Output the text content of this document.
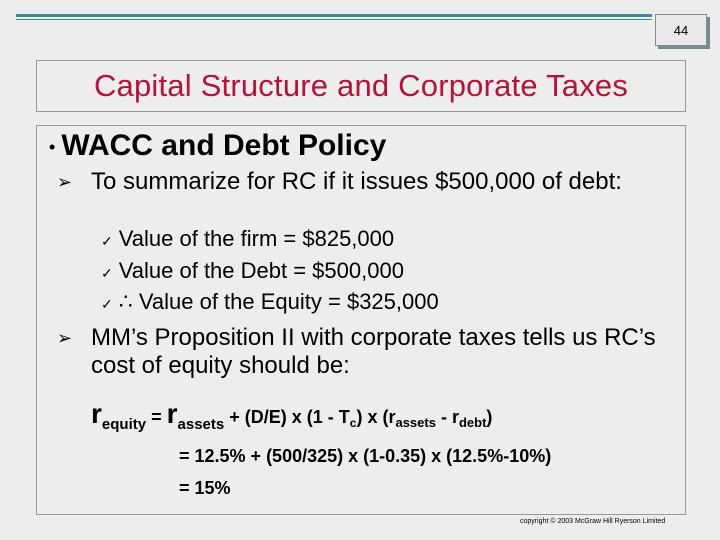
44
Capital Structure and Corporate Taxes
• WACC and Debt Policy
➢ To summarize for RC if it issues $500,000 of debt:
✓ Value of the firm = $825,000
✓ Value of the Debt = $500,000
✓ ∴ Value of the Equity = $325,000
➢ MM’s Proposition II with corporate taxes tells us RC’s cost of equity should be:
$r_{equity} = r_{assets} + (D/E)$ x $(1 - T_c)$ x $(r_{assets} - r_{debt})$
= 12.5% + (500/325) x (1-0.35) x (12.5%-10%)
= 15%
copyright © 2003 McGraw Hill Ryerson Limited
